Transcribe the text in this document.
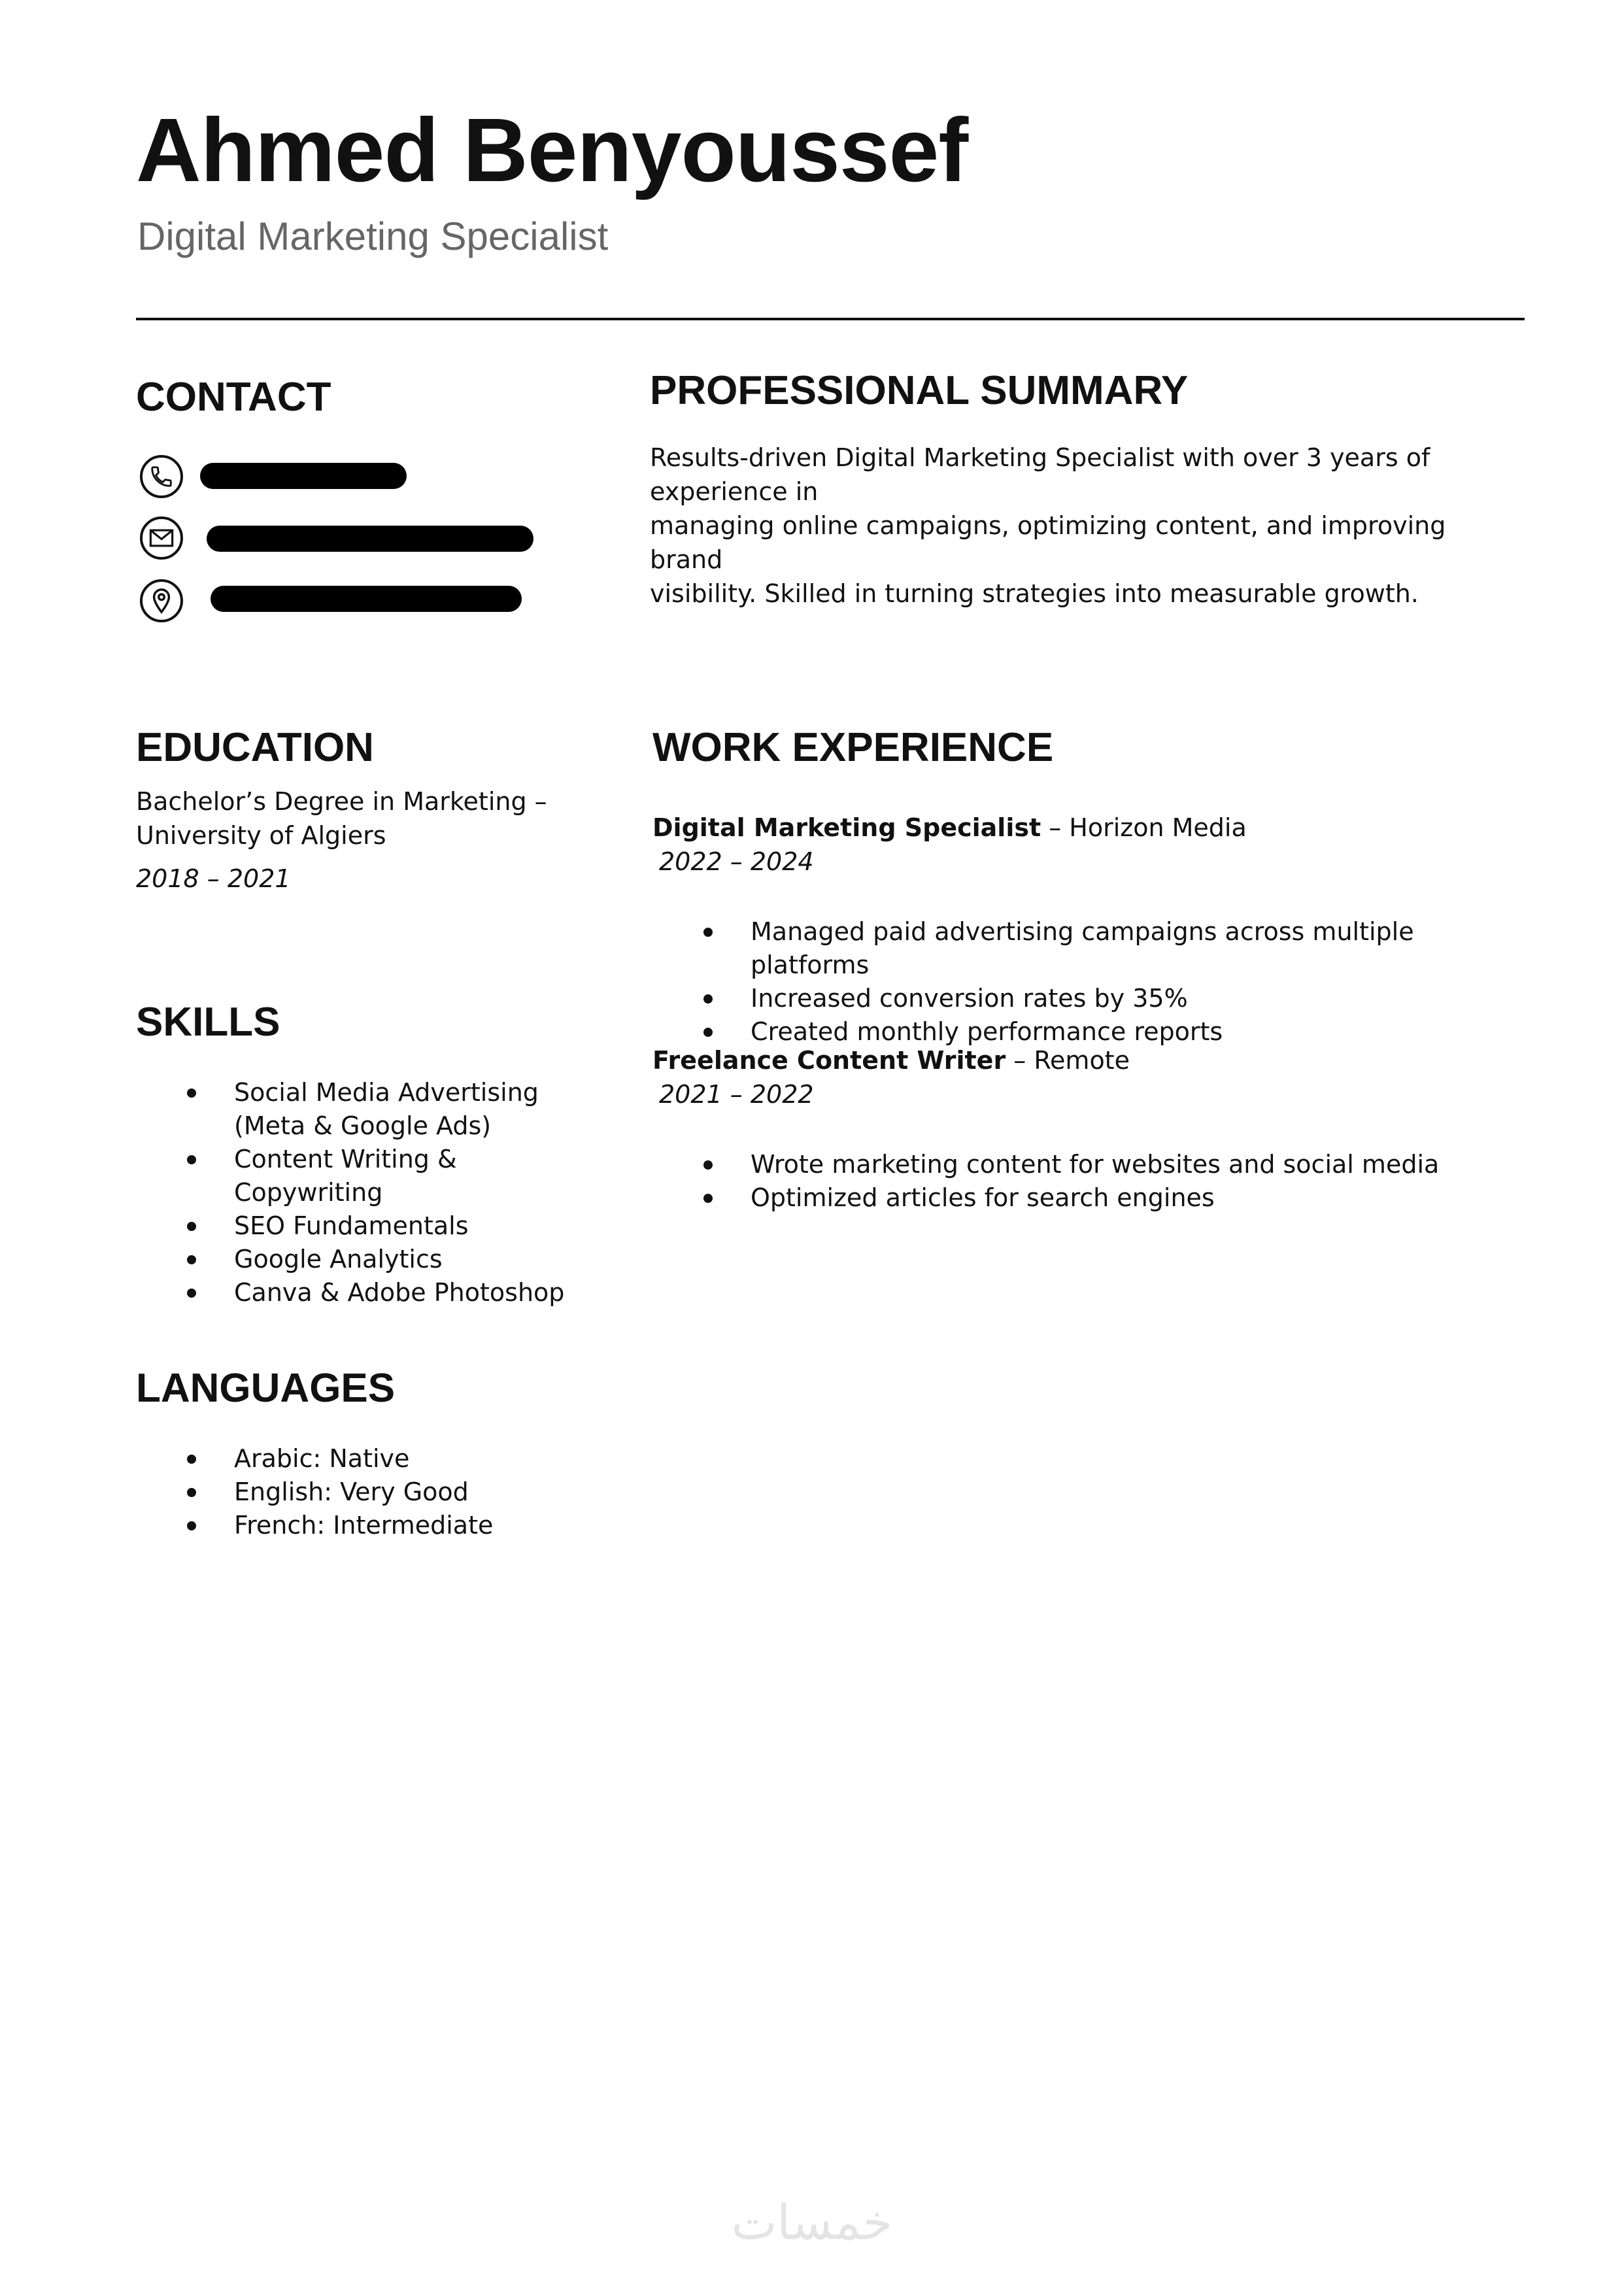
Ahmed Benyoussef
Digital Marketing Specialist
CONTACT	PROFESSIONAL SUMMARY
Results-driven Digital Marketing Specialist with over 3 years of experience in
managing online campaigns, optimizing content, and improving brand
visibility. Skilled in turning strategies into measurable growth.
EDUCATION
Bachelor’s Degree in Marketing –
University of Algiers
2018 – 2021
SKILLS
Social Media Advertising
(Meta & Google Ads)
Content Writing &
Copywriting
SEO Fundamentals
Google Analytics
Canva & Adobe Photoshop
LANGUAGES
Arabic: Native
English: Very Good
French: Intermediate
WORK EXPERIENCE
Digital Marketing Specialist – Horizon Media
2022 – 2024
Managed paid advertising campaigns across multiple platforms
Increased conversion rates by 35%
Created monthly performance reports
Freelance Content Writer – Remote
2021 – 2022
Wrote marketing content for websites and social media
Optimized articles for search engines
خمسات
